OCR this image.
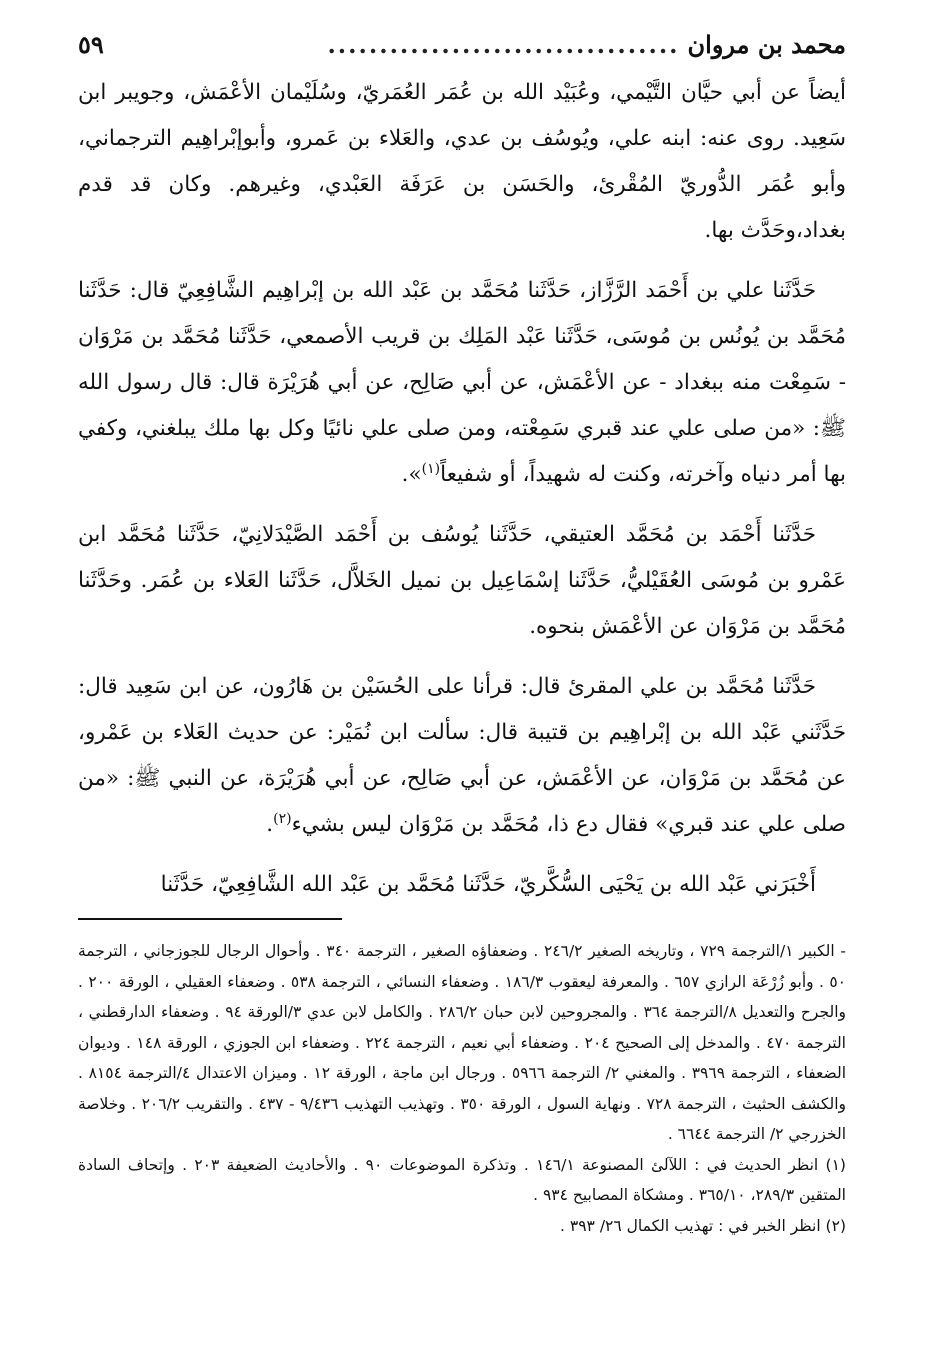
محمد بن مروان
..................................
٥٩

أيضاً عن أبي حيَّان التَّيْمي، وعُبَيْد الله بن عُمَر العُمَريّ، وسُلَيْمان الأعْمَش، وجويبر ابن سَعِيد. روى عنه: ابنه علي، ويُوسُف بن عدي، والعَلاء بن عَمرو، وأبوإبْراهِيم الترجماني، وأبو عُمَر الدُّوريّ المُقْرئ، والحَسَن بن عَرَفَة العَبْدي، وغيرهم. وكان قد قدم بغداد،وحَدَّث بها.

حَدَّثَنا علي بن أَحْمَد الرَّزَّاز، حَدَّثَنا مُحَمَّد بن عَبْد الله بن إبْراهِيم الشَّافِعِيّ قال: حَدَّثَنا مُحَمَّد بن يُونُس بن مُوسَى، حَدَّثَنا عَبْد المَلِك بن قريب الأصمعي، حَدَّثَنا مُحَمَّد بن مَرْوَان - سَمِعْت منه ببغداد - عن الأعْمَش، عن أبي صَالِح، عن أبي هُرَيْرَة قال: قال رسول الله ﷺ: «من صلى علي عند قبري سَمِعْته، ومن صلى علي نائيًا وكل بها ملك يبلغني، وكفي بها أمر دنياه وآخرته، وكنت له شهيداً، أو شفيعاً$^{(١)}$».

حَدَّثَنا أَحْمَد بن مُحَمَّد العتيقي، حَدَّثَنا يُوسُف بن أَحْمَد الصَّيْدَلانِيّ، حَدَّثَنا مُحَمَّد ابن عَمْرو بن مُوسَى العُقَيْليُّ، حَدَّثَنا إسْمَاعِيل بن نميل الخَلاَّل، حَدَّثَنا العَلاء بن عُمَر. وحَدَّثَنا مُحَمَّد بن مَرْوَان عن الأعْمَش بنحوه.

حَدَّثَنا مُحَمَّد بن علي المقرئ قال: قرأنا على الحُسَيْن بن هَارُون، عن ابن سَعِيد قال: حَدَّثَني عَبْد الله بن إبْراهِيم بن قتيبة قال: سألت ابن نُمَيْر: عن حديث العَلاء بن عَمْرو، عن مُحَمَّد بن مَرْوَان، عن الأعْمَش، عن أبي صَالِح، عن أبي هُرَيْرَة، عن النبي ﷺ: «من صلى علي عند قبري» فقال دع ذا، مُحَمَّد بن مَرْوَان ليس بشيء$^{(٢)}$.

أَخْبَرَني عَبْد الله بن يَحْيَى السُّكَّريّ، حَدَّثَنا مُحَمَّد بن عَبْد الله الشَّافِعِيّ، حَدَّثَنا

- الكبير ١/الترجمة ٧٢٩ ، وتاريخه الصغير ٢٤٦/٢ . وضعفاؤه الصغير ، الترجمة ٣٤٠ . وأحوال الرجال للجوزجاني ، الترجمة ٥٠ . وأبو زُرْعَة الرازي ٦٥٧ . والمعرفة ليعقوب ١٨٦/٣ . وضعفاء النسائي ، الترجمة ٥٣٨ . وضعفاء العقيلي ، الورقة ٢٠٠ . والجرح والتعديل ٨/الترجمة ٣٦٤ . والمجروحين لابن حبان ٢٨٦/٢ . والكامل لابن عدي ٣/الورقة ٩٤ . وضعفاء الدارقطني ، الترجمة ٤٧٠ . والمدخل إلى الصحيح ٢٠٤ . وضعفاء أبي نعيم ، الترجمة ٢٢٤ . وضعفاء ابن الجوزي ، الورقة ١٤٨ . وديوان الضعفاء ، الترجمة ٣٩٦٩ . والمغني ٢/ الترجمة ٥٩٦٦ . ورجال ابن ماجة ، الورقة ١٢ . وميزان الاعتدال ٤/الترجمة ٨١٥٤ . والكشف الحثيث ، الترجمة ٧٢٨ . ونهاية السول ، الورقة ٣٥٠ . وتهذيب التهذيب ٩/٤٣٦ - ٤٣٧ . والتقريب ٢٠٦/٢ . وخلاصة الخزرجي ٢/ الترجمة ٦٦٤٤ .

(١) انظر الحديث في : اللآلئ المصنوعة ١٤٦/١ . وتذكرة الموضوعات ٩٠ . والأحاديث الضعيفة ٢٠٣ . وإتحاف السادة المتقين ٢٨٩/٣، ٣٦٥/١٠ . ومشكاة المصابيح ٩٣٤ .

(٢) انظر الخبر في : تهذيب الكمال ٢٦/ ٣٩٣ .
